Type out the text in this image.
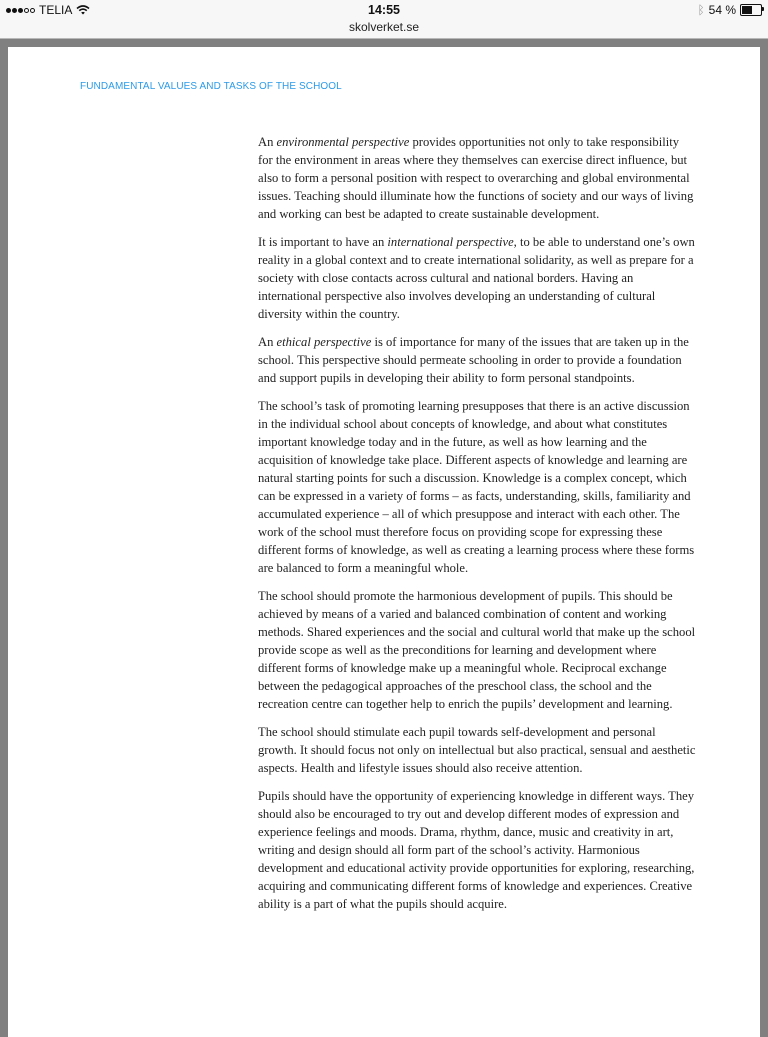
TELIA	14:55
skolverket.se
ᛒ 54 %
FUNDAMENTAL VALUES AND TASKS OF THE SCHOOL

An environmental perspective provides opportunities not only to take responsibility for the environment in areas where they themselves can exercise direct influence, but also to form a personal position with respect to overarching and global environmental issues. Teaching should illuminate how the functions of society and our ways of living and working can best be adapted to create sustainable development.

It is important to have an international perspective, to be able to understand one’s own reality in a global context and to create international solidarity, as well as prepare for a society with close contacts across cultural and national borders. Having an international perspective also involves developing an understanding of cultural diversity within the country.

An ethical perspective is of importance for many of the issues that are taken up in the school. This perspective should permeate schooling in order to provide a foundation and support pupils in developing their ability to form personal standpoints.

The school’s task of promoting learning presupposes that there is an active discussion in the individual school about concepts of knowledge, and about what constitutes important knowledge today and in the future, as well as how learning and the acquisition of knowledge take place. Different aspects of knowledge and learning are natural starting points for such a discussion. Knowledge is a complex concept, which can be expressed in a variety of forms – as facts, understanding, skills, familiarity and accumulated experience – all of which presuppose and interact with each other. The work of the school must therefore focus on providing scope for expressing these different forms of knowledge, as well as creating a learning process where these forms are balanced to form a meaningful whole.

The school should promote the harmonious development of pupils. This should be achieved by means of a varied and balanced combination of content and working methods. Shared experiences and the social and cultural world that make up the school provide scope as well as the preconditions for learning and development where different forms of knowledge make up a meaningful whole. Reciprocal exchange between the pedagogical approaches of the preschool class, the school and the recreation centre can together help to enrich the pupils’ development and learning.

The school should stimulate each pupil towards self-development and personal growth. It should focus not only on intellectual but also practical, sensual and aesthetic aspects. Health and lifestyle issues should also receive attention.

Pupils should have the opportunity of experiencing knowledge in different ways. They should also be encouraged to try out and develop different modes of expression and experience feelings and moods. Drama, rhythm, dance, music and creativity in art, writing and design should all form part of the school’s activity. Harmonious development and educational activity provide opportunities for exploring, researching, acquiring and communicating different forms of knowledge and experiences. Creative ability is a part of what the pupils should acquire.
